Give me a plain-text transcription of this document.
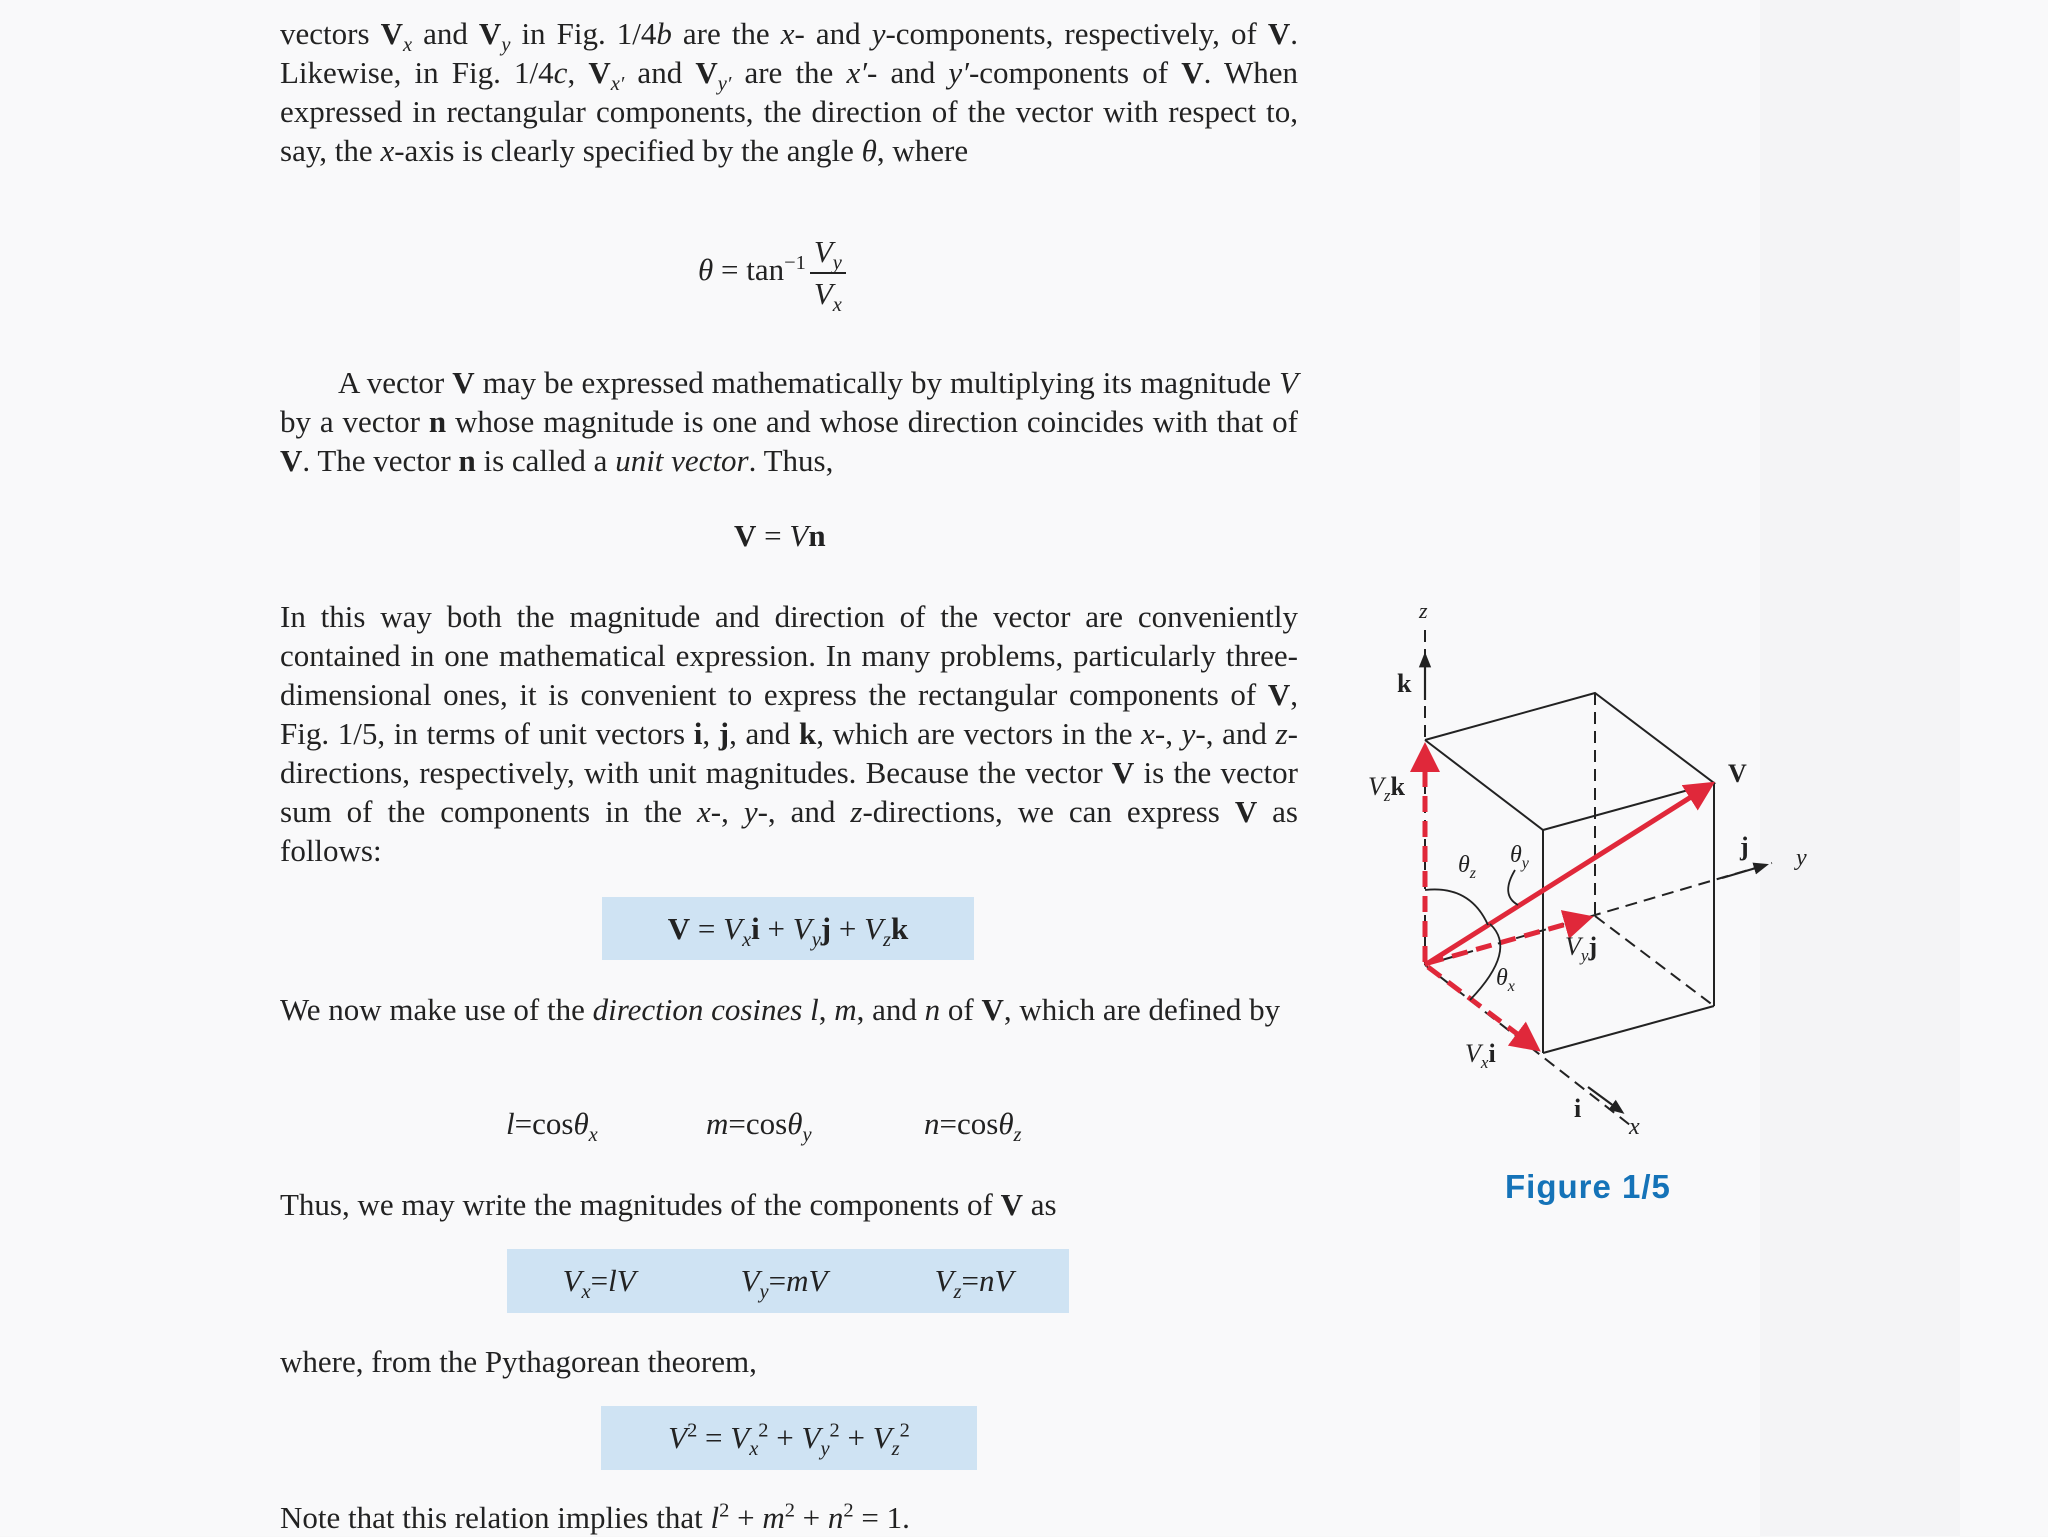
vectors $V_x$ and $V_y$ in Fig. 1/4b are the x- and y-components, respectively, of V. Likewise, in Fig. 1/4c, $V_{x'}$ and $V_{y'}$ are the x′- and y′-components of V. When expressed in rectangular components, the direction of the vector with respect to, say, the x-axis is clearly specified by the angle θ, where

$\theta = \tan^{-1} \frac{V_y}{V_x}$

A vector V may be expressed mathematically by multiplying its magnitude V by a vector n whose magnitude is one and whose direction coincides with that of V. The vector n is called a unit vector. Thus,

V = Vn

In this way both the magnitude and direction of the vector are conveniently contained in one mathematical expression. In many problems, particularly three-dimensional ones, it is convenient to express the rectangular components of V, Fig. 1/5, in terms of unit vectors i, j, and k, which are vectors in the x-, y-, and z-directions, respectively, with unit magnitudes. Because the vector V is the vector sum of the components in the x-, y-, and z-directions, we can express V as follows:

$V = V_xi + V_yj + V_zk$

We now make use of the direction cosines l, m, and n of V, which are defined by

l=cosθ$_x$	m=cosθ$_y$	n=cosθ$_z$

Thus, we may write the magnitudes of the components of V as

$V_x=lV$	$V_y=mV$	$V_z=nV$

where, from the Pythagorean theorem,

$V^2 = V_x^2 + V_y^2 + V_z^2$

Note that this relation implies that $l^2 + m^2 + n^2 = 1$.

z
k
V
j y
i
x
$V_zk$
$V_yj$
$V_xi$
$\theta_z$
$\theta_y$
$\theta_x$
Figure 1/5
